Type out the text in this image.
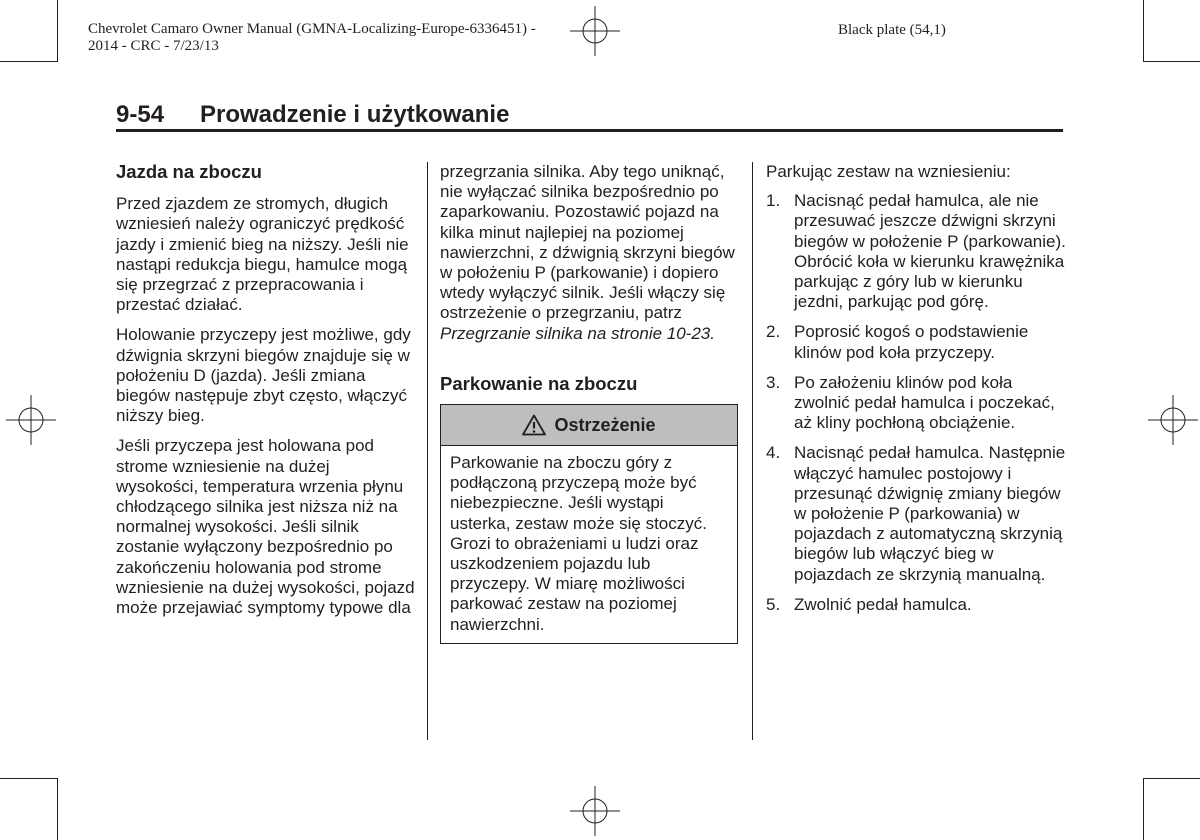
Chevrolet Camaro Owner Manual (GMNA-Localizing-Europe-6336451) -
2014 - CRC - 7/23/13
Black plate (54,1)
9-54 Prowadzenie i użytkowanie
Jazda na zboczu

Przed zjazdem ze stromych, długich wzniesień należy ograniczyć prędkość jazdy i zmienić bieg na niższy. Jeśli nie nastąpi redukcja biegu, hamulce mogą się przegrzać z przepracowania i przestać działać.

Holowanie przyczepy jest możliwe, gdy dźwignia skrzyni biegów znajduje się w położeniu D (jazda). Jeśli zmiana biegów następuje zbyt często, włączyć niższy bieg.

Jeśli przyczepa jest holowana pod strome wzniesienie na dużej wysokości, temperatura wrzenia płynu chłodzącego silnika jest niższa niż na normalnej wysokości. Jeśli silnik zostanie wyłączony bezpośrednio po zakończeniu holowania pod strome wzniesienie na dużej wysokości, pojazd może przejawiać symptomy typowe dla

przegrzania silnika. Aby tego uniknąć, nie wyłączać silnika bezpośrednio po zaparkowaniu. Pozostawić pojazd na kilka minut najlepiej na poziomej nawierzchni, z dźwignią skrzyni biegów w położeniu P (parkowanie) i dopiero wtedy wyłączyć silnik. Jeśli włączy się ostrzeżenie o przegrzaniu, patrz Przegrzanie silnika na stronie 10-23.

Parkowanie na zboczu
Ostrzeżenie
Parkowanie na zboczu góry z podłączoną przyczepą może być niebezpieczne. Jeśli wystąpi usterka, zestaw może się stoczyć. Grozi to obrażeniami u ludzi oraz uszkodzeniem pojazdu lub przyczepy. W miarę możliwości parkować zestaw na poziomej nawierzchni.

Parkując zestaw na wzniesieniu:

1. Nacisnąć pedał hamulca, ale nie przesuwać jeszcze dźwigni skrzyni biegów w położenie P (parkowanie). Obrócić koła w kierunku krawężnika parkując z góry lub w kierunku jezdni, parkując pod górę.
2. Poprosić kogoś o podstawienie klinów pod koła przyczepy.
3. Po założeniu klinów pod koła zwolnić pedał hamulca i poczekać, aż kliny pochłoną obciążenie.
4. Nacisnąć pedał hamulca. Następnie włączyć hamulec postojowy i przesunąć dźwignię zmiany biegów w położenie P (parkowania) w pojazdach z automatyczną skrzynią biegów lub włączyć bieg w pojazdach ze skrzynią manualną.
5. Zwolnić pedał hamulca.
